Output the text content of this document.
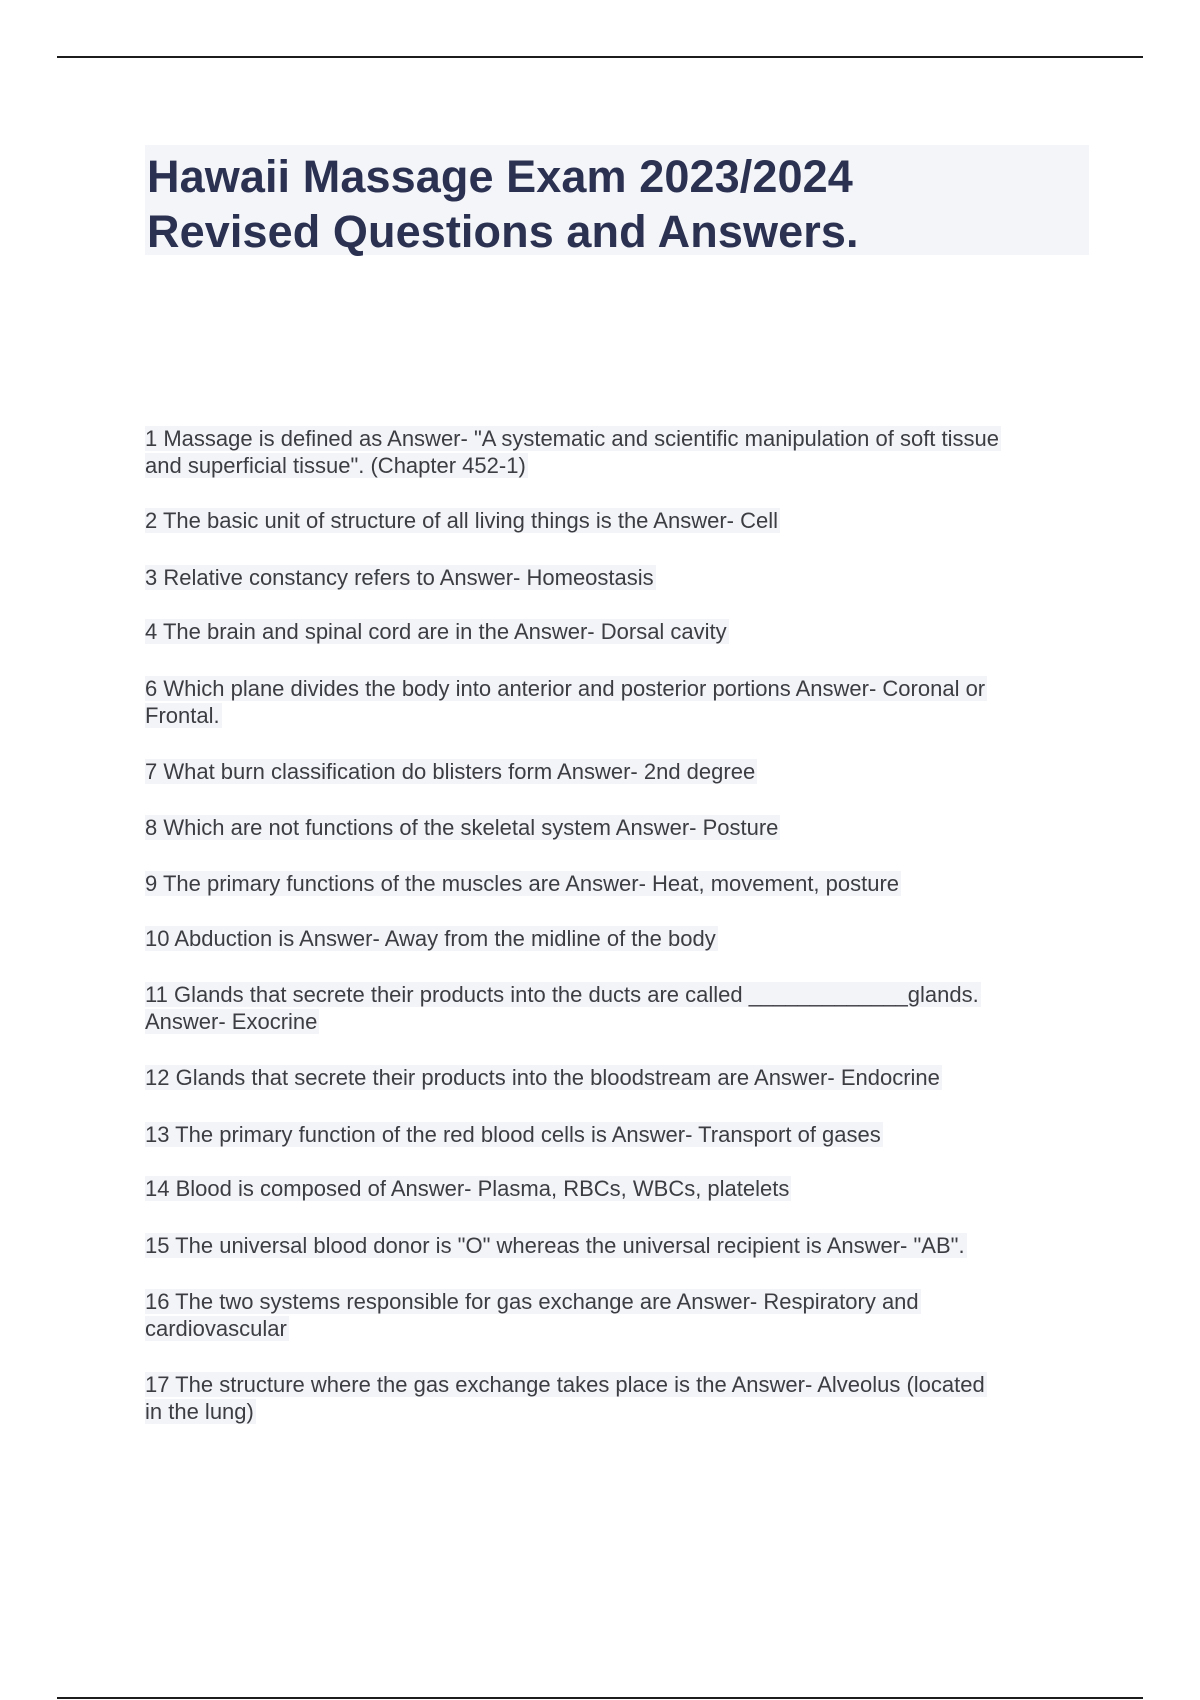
Hawaii Massage Exam 2023/2024
Revised Questions and Answers.
1 Massage is defined as Answer- "A systematic and scientific manipulation of soft tissue
and superficial tissue". (Chapter 452-1)
2 The basic unit of structure of all living things is the Answer- Cell
3 Relative constancy refers to Answer- Homeostasis
4 The brain and spinal cord are in the Answer- Dorsal cavity
6 Which plane divides the body into anterior and posterior portions Answer- Coronal or
Frontal.
7 What burn classification do blisters form Answer- 2nd degree
8 Which are not functions of the skeletal system Answer- Posture
9 The primary functions of the muscles are Answer- Heat, movement, posture
10 Abduction is Answer- Away from the midline of the body
11 Glands that secrete their products into the ducts are called _____________glands.
Answer- Exocrine
12 Glands that secrete their products into the bloodstream are Answer- Endocrine
13 The primary function of the red blood cells is Answer- Transport of gases
14 Blood is composed of Answer- Plasma, RBCs, WBCs, platelets
15 The universal blood donor is "O" whereas the universal recipient is Answer- "AB".
16 The two systems responsible for gas exchange are Answer- Respiratory and
cardiovascular
17 The structure where the gas exchange takes place is the Answer- Alveolus (located
in the lung)
